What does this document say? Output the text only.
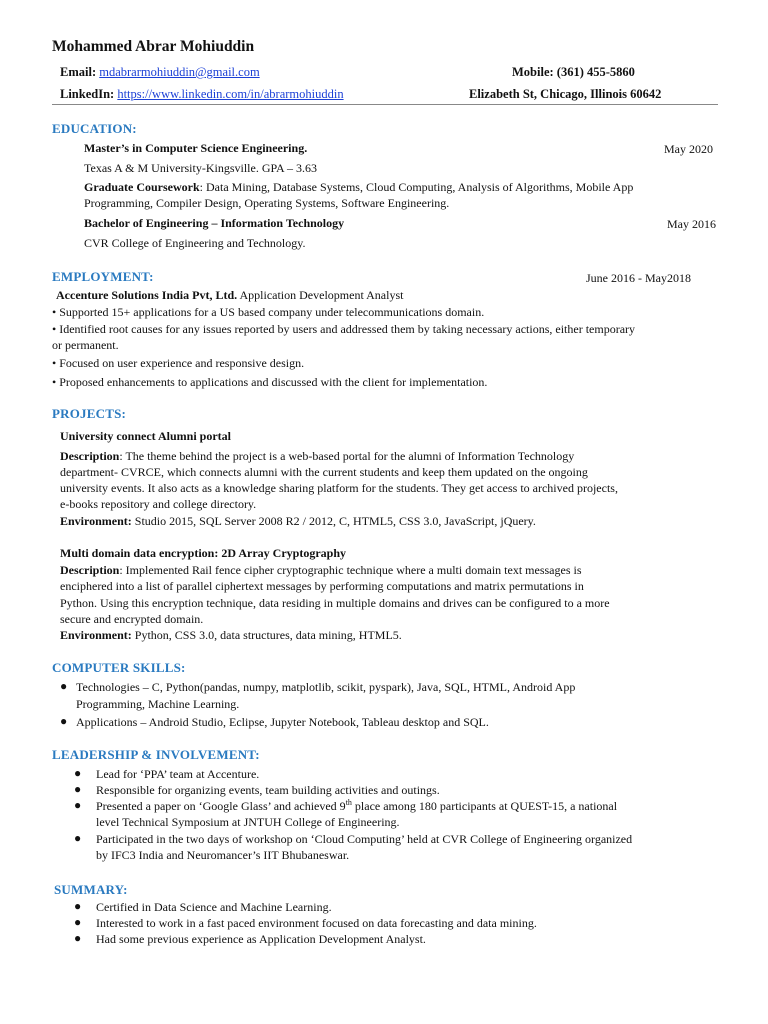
Mohammed Abrar Mohiuddin
Email: mdabrarmohiuddin@gmail.com	Mobile: (361) 455-5860
LinkedIn: https://www.linkedin.com/in/abrarmohiuddin	Elizabeth St, Chicago, Illinois 60642
EDUCATION:
Master’s in Computer Science Engineering.	May 2020
Texas A & M University-Kingsville. GPA – 3.63
Graduate Coursework: Data Mining, Database Systems, Cloud Computing, Analysis of Algorithms, Mobile App
Programming, Compiler Design, Operating Systems, Software Engineering.
Bachelor of Engineering – Information Technology	May 2016
CVR College of Engineering and Technology.
EMPLOYMENT:	June 2016 - May2018
Accenture Solutions India Pvt, Ltd. Application Development Analyst
• Supported 15+ applications for a US based company under telecommunications domain.
• Identified root causes for any issues reported by users and addressed them by taking necessary actions, either temporary
or permanent.
• Focused on user experience and responsive design.
• Proposed enhancements to applications and discussed with the client for implementation.
PROJECTS:
University connect Alumni portal
Description: The theme behind the project is a web-based portal for the alumni of Information Technology
department- CVRCE, which connects alumni with the current students and keep them updated on the ongoing
university events. It also acts as a knowledge sharing platform for the students. They get access to archived projects,
e-books repository and college directory.
Environment: Studio 2015, SQL Server 2008 R2 / 2012, C, HTML5, CSS 3.0, JavaScript, jQuery.
Multi domain data encryption: 2D Array Cryptography
Description: Implemented Rail fence cipher cryptographic technique where a multi domain text messages is
enciphered into a list of parallel ciphertext messages by performing computations and matrix permutations in
Python. Using this encryption technique, data residing in multiple domains and drives can be configured to a more
secure and encrypted domain.
Environment: Python, CSS 3.0, data structures, data mining, HTML5.
COMPUTER SKILLS:
● Technologies – C, Python(pandas, numpy, matplotlib, scikit, pyspark), Java, SQL, HTML, Android App
Programming, Machine Learning.
● Applications – Android Studio, Eclipse, Jupyter Notebook, Tableau desktop and SQL.
LEADERSHIP & INVOLVEMENT:
● Lead for ‘PPA’ team at Accenture.
● Responsible for organizing events, team building activities and outings.
● Presented a paper on ‘Google Glass’ and achieved 9th place among 180 participants at QUEST-15, a national
level Technical Symposium at JNTUH College of Engineering.
● Participated in the two days of workshop on ‘Cloud Computing’ held at CVR College of Engineering organized
by IFC3 India and Neuromancer’s IIT Bhubaneswar.
SUMMARY:
● Certified in Data Science and Machine Learning.
● Interested to work in a fast paced environment focused on data forecasting and data mining.
● Had some previous experience as Application Development Analyst.
